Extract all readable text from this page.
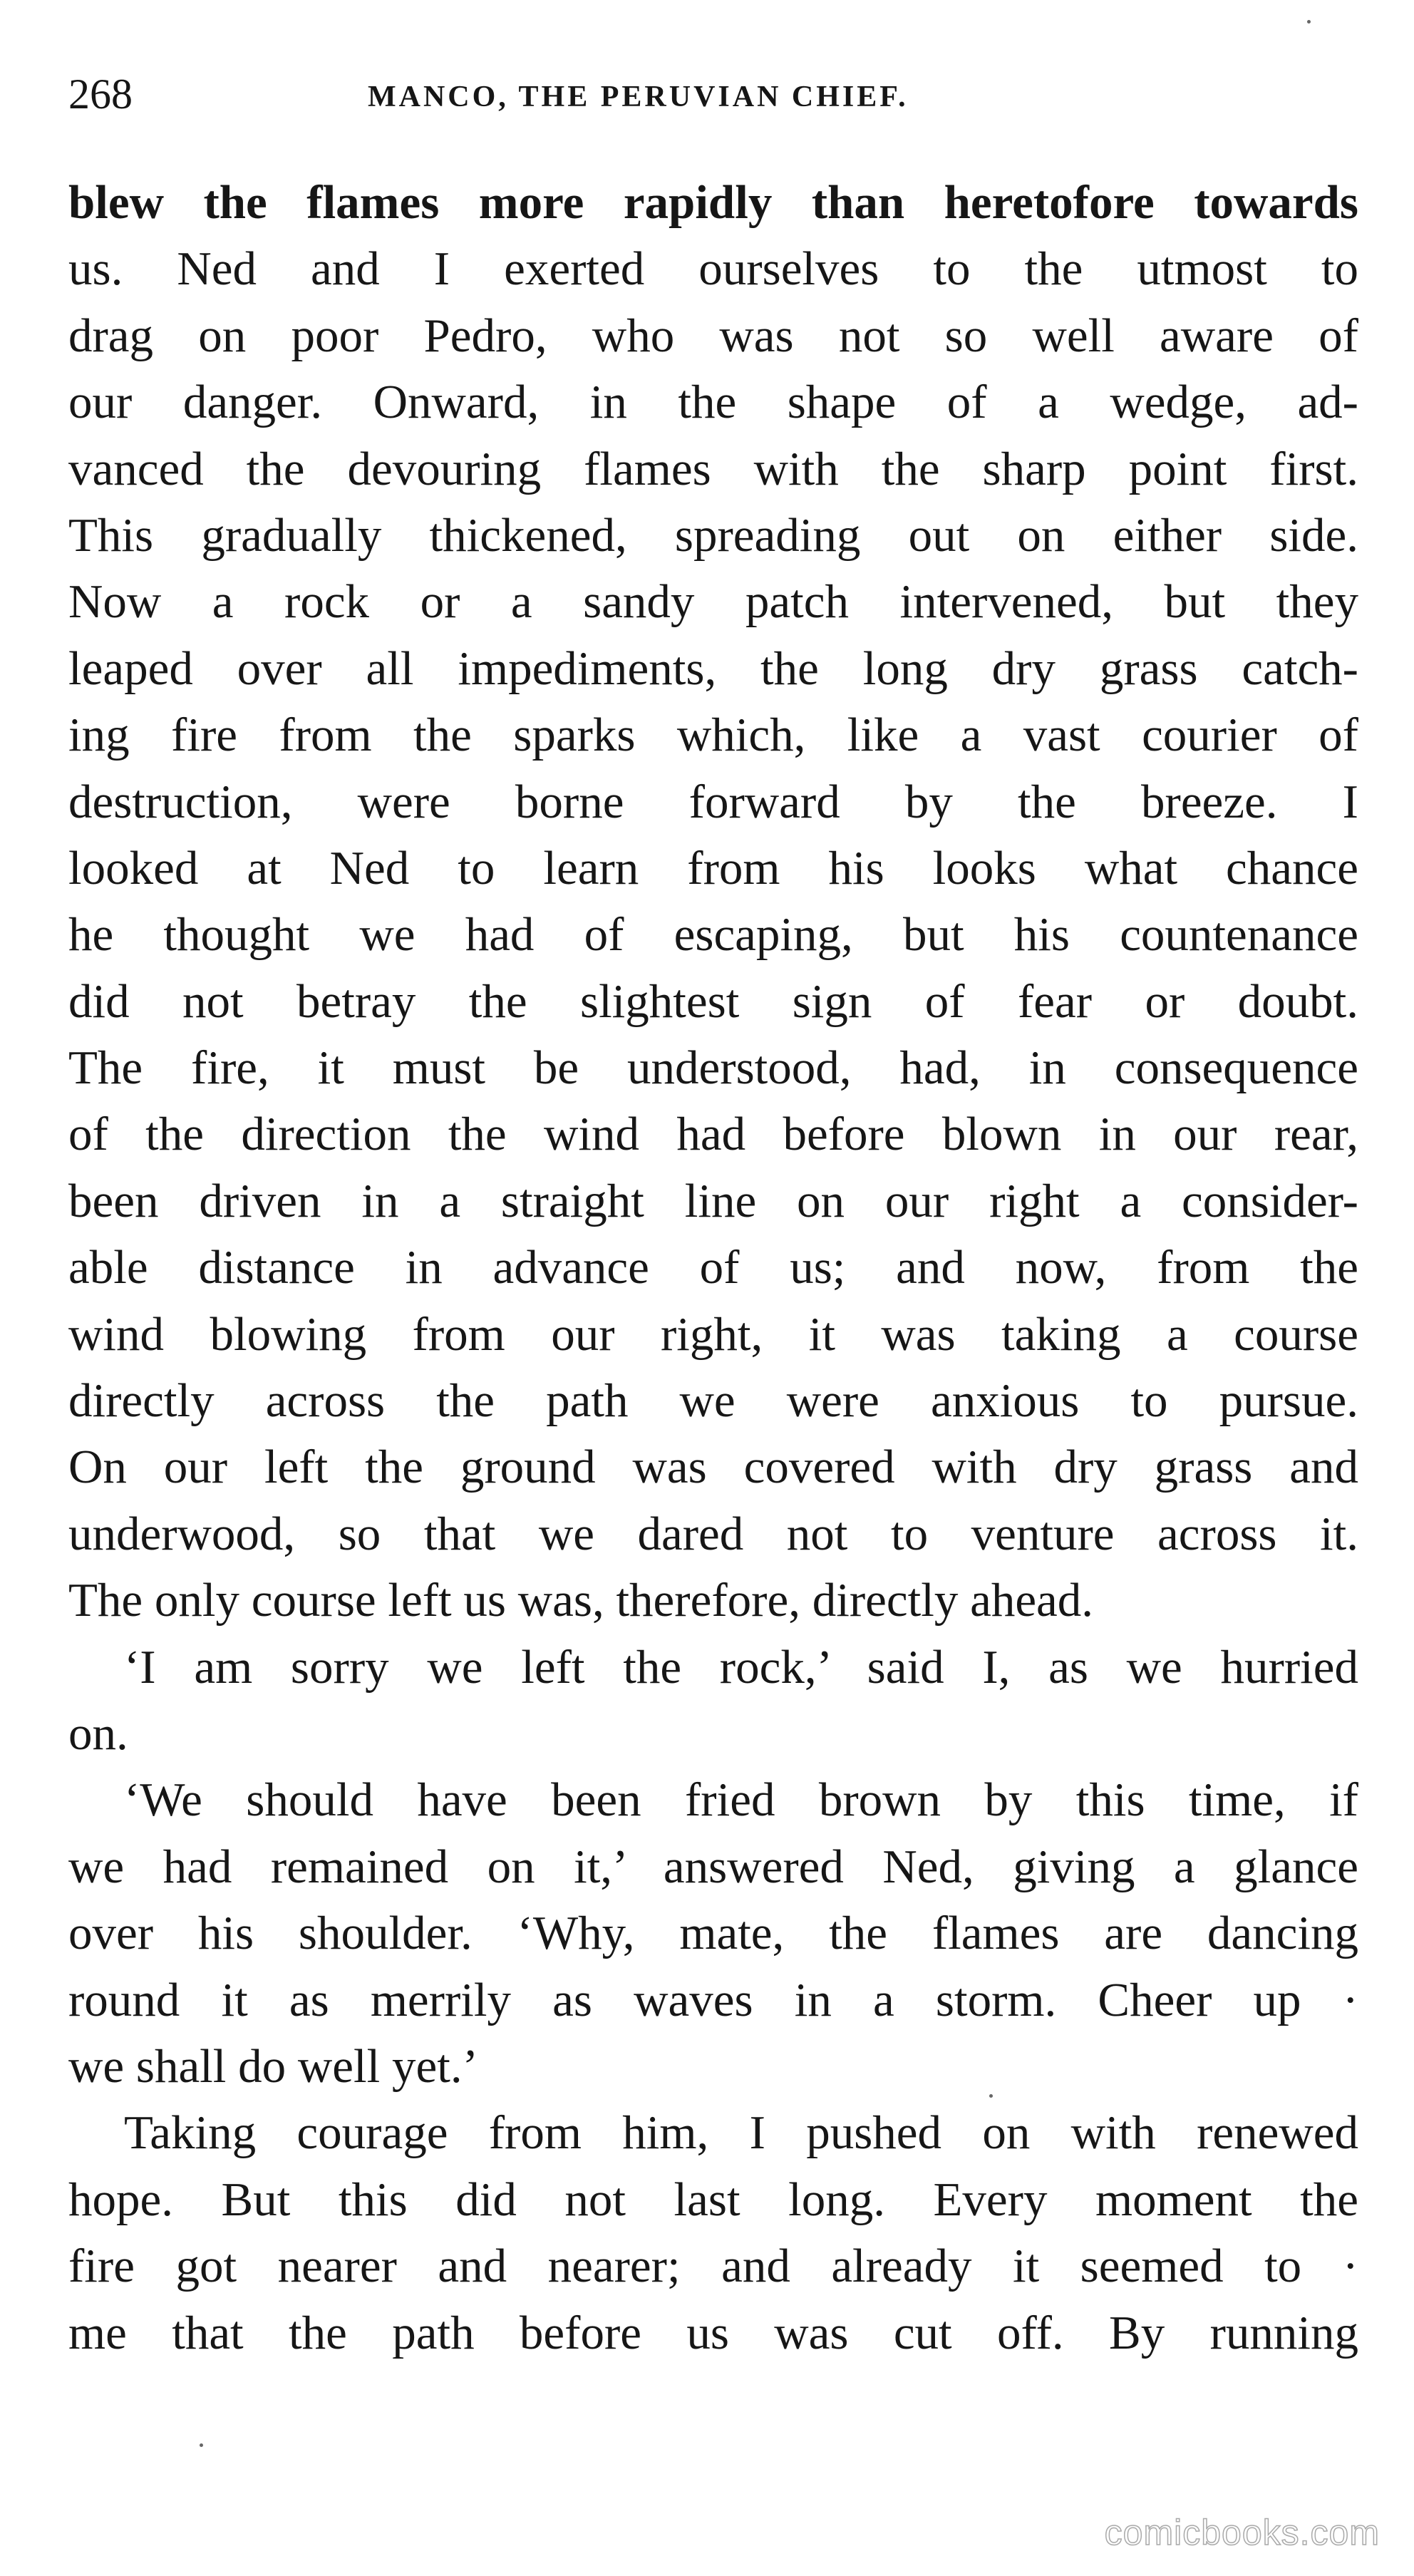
268	MANCO, THE PERUVIAN CHIEF.
blew the flames more rapidly than heretofore towards
us. Ned and I exerted ourselves to the utmost to
drag on poor Pedro, who was not so well aware of
our danger. Onward, in the shape of a wedge, ad-
vanced the devouring flames with the sharp point first.
This gradually thickened, spreading out on either side.
Now a rock or a sandy patch intervened, but they
leaped over all impediments, the long dry grass catch-
ing fire from the sparks which, like a vast courier of
destruction, were borne forward by the breeze. I
looked at Ned to learn from his looks what chance
he thought we had of escaping, but his countenance
did not betray the slightest sign of fear or doubt.
The fire, it must be understood, had, in consequence
of the direction the wind had before blown in our rear,
been driven in a straight line on our right a consider-
able distance in advance of us; and now, from the
wind blowing from our right, it was taking a course
directly across the path we were anxious to pursue.
On our left the ground was covered with dry grass and
underwood, so that we dared not to venture across it.
The only course left us was, therefore, directly ahead.
‘I am sorry we left the rock,’ said I, as we hurried
on.
‘We should have been fried brown by this time, if
we had remained on it,’ answered Ned, giving a glance
over his shoulder. ‘Why, mate, the flames are dancing
round it as merrily as waves in a storm. Cheer up ·
we shall do well yet.’
Taking courage from him, I pushed on with renewed
hope. But this did not last long. Every moment the
fire got nearer and nearer; and already it seemed to ·
me that the path before us was cut off. By running
comicbooks.com
